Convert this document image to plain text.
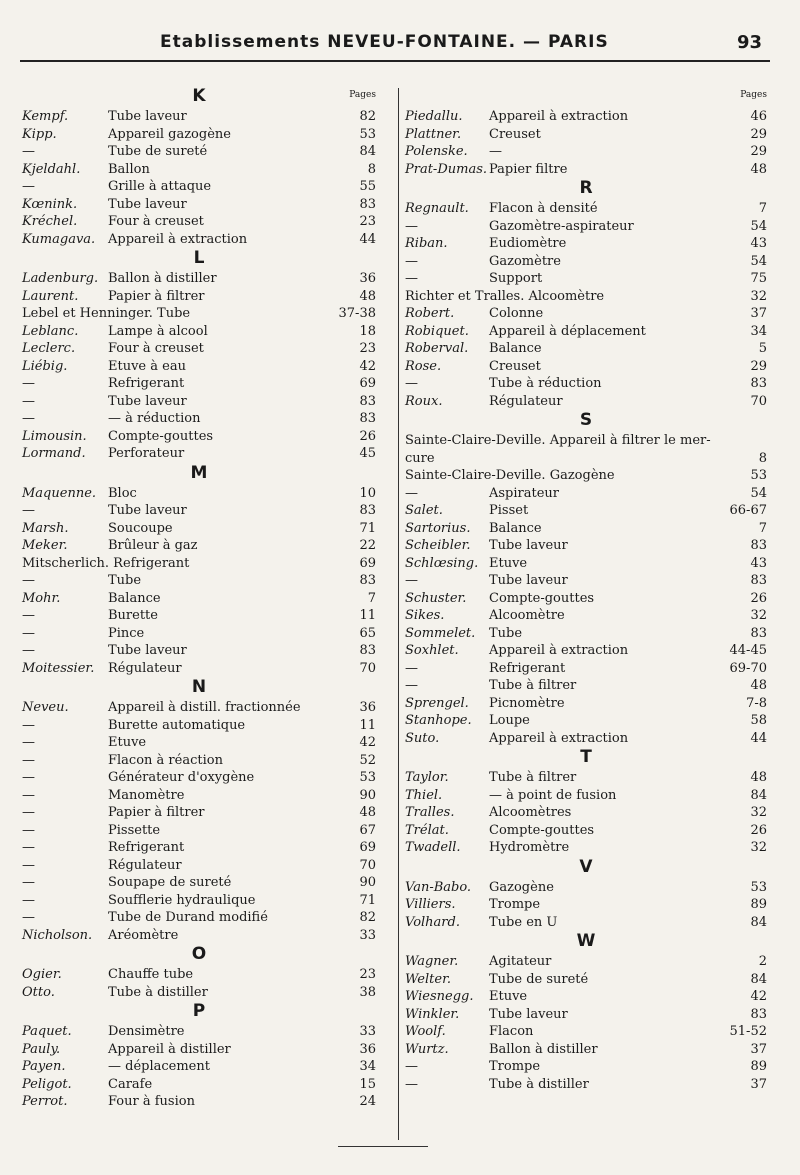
Etablissements NEVEU-FONTAINE. — PARIS	93
K	Pages
Kempf.	Tube laveur	82
Kipp.	Appareil gazogène	53
—	Tube de sureté	84
Kjeldahl. Ballon	8
—	Grille à attaque	55
Kœnink. Tube laveur	83
Kréchel. Four à creuset	23
Kumagava. Appareil à extraction	44
L
Ladenburg. Ballon à distiller	36
Laurent. Papier à filtrer	48
Lebel et Henninger. Tube	37-38
Leblanc. Lampe à alcool	18
Leclerc.	Four à creuset	23
Liébig.	Etuve à eau	42
—	Refrigerant	69
—	Tube laveur	83
—	— à réduction	83
Limousin. Compte-gouttes	26
Lormand. Perforateur	45
M
Maquenne. Bloc	10
—	Tube laveur	83
Marsh.	Soucoupe	71
Meker.	Brûleur à gaz	22
Mitscherlich. Refrigerant	69
—	Tube	83
Mohr.	Balance	7
—	Burette	11
—	Pince	65
—	Tube laveur	83
Moitessier. Régulateur	70
N
Neveu.	Appareil à distill. fractionnée	36
—	Burette automatique	11
—	Etuve	42
—	Flacon à réaction	52
—	Générateur d'oxygène	53
—	Manomètre	90
—	Papier à filtrer	48
—	Pissette	67
—	Refrigerant	69
—	Régulateur	70
—	Soupape de sureté	90
—	Soufflerie hydraulique	71
—	Tube de Durand modifié	82
Nicholson. Aréomètre	33
O
Ogier.	Chauffe tube	23
Otto.	Tube à distiller	38
P
Paquet.	Densimètre	33
Pauly.	Appareil à distiller	36
Payen.	— déplacement	34
Peligot.	Carafe	15
Perrot.	Four à fusion	24
Pages
Piedallu. Appareil à extraction	46
Plattner. Creuset	29
Polenske. —	29
Prat-Dumas. Papier filtre	48
R
Regnault. Flacon à densité	7
—	Gazomètre-aspirateur	54
Riban.	Eudiomètre	43
—	Gazomètre	54
—	Support	75
Richter et Tralles. Alcoomètre	32
Robert.	Colonne	37
Robiquet. Appareil à déplacement	34
Roberval. Balance	5
Rose.	Creuset	29
—	Tube à réduction	83
Roux.	Régulateur	70
S
Sainte-Claire-Deville. Appareil à filtrer le mer-
cure	8
Sainte-Claire-Deville. Gazogène	53
—	Aspirateur	54
Salet.	Pisset	66-67
Sartorius. Balance	7
Scheibler. Tube laveur	83
Schlœsing. Etuve	43
—	Tube laveur	83
Schuster. Compte-gouttes	26
Sikes.	Alcoomètre	32
Sommelet. Tube	83
Soxhlet. Appareil à extraction	44-45
—	Refrigerant	69-70
—	Tube à filtrer	48
Sprengel. Picnomètre	7-8
Stanhope. Loupe	58
Suto.	Appareil à extraction	44
T
Taylor.	Tube à filtrer	48
Thiel.	— à point de fusion	84
Tralles.	Alcoomètres	32
Trélat.	Compte-gouttes	26
Twadell. Hydromètre	32
V
Van-Babo. Gazogène	53
Villiers.	Trompe	89
Volhard. Tube en U	84
W
Wagner. Agitateur	2
Welter.	Tube de sureté	84
Wiesnegg. Etuve	42
Winkler. Tube laveur	83
Woolf.	Flacon	51-52
Wurtz.	Ballon à distiller	37
—	Trompe	89
—	Tube à distiller	37
